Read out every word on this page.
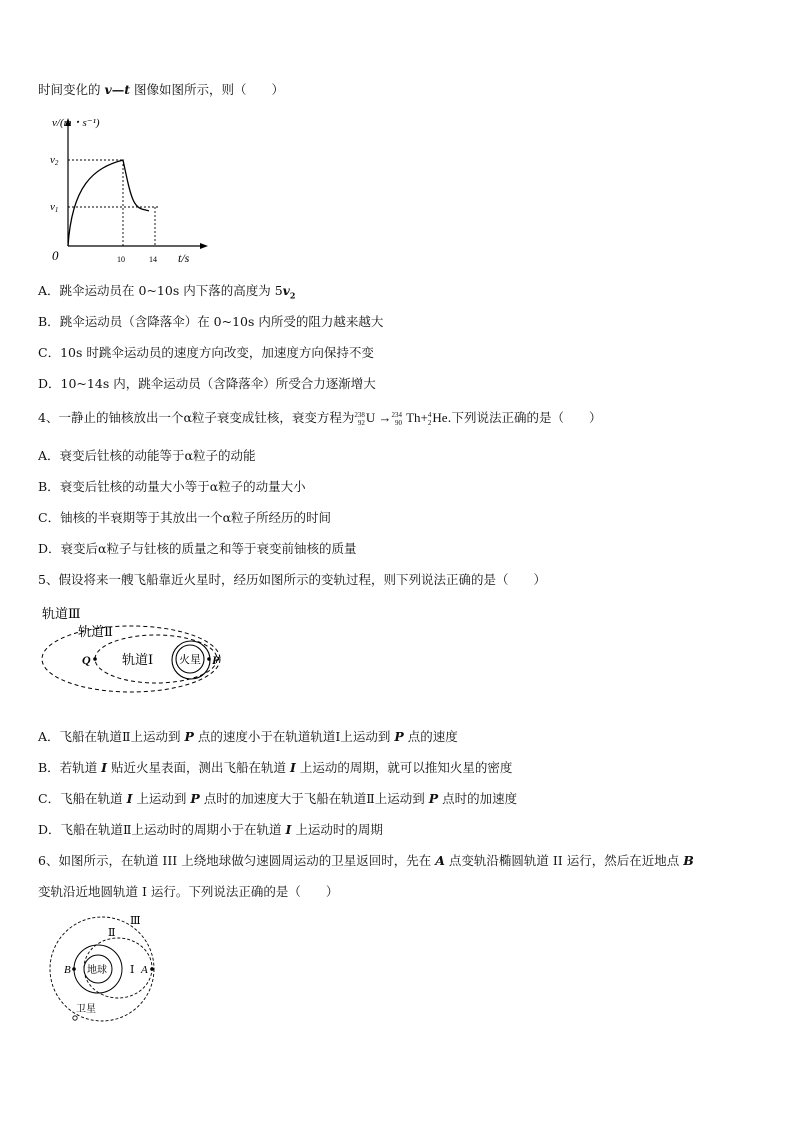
时间变化的 v—t 图像如图所示，则（　　）
v/(m・s⁻¹)
v2
v1
0	10	14 t/s
A．跳伞运动员在 0~10s 内下落的高度为 $5v_2$
B．跳伞运动员（含降落伞）在 0~10s 内所受的阻力越来越大
C．10s 时跳伞运动员的速度方向改变，加速度方向保持不变
D．10~14s 内，跳伞运动员（含降落伞）所受合力逐渐增大
4、一静止的铀核放出一个α粒子衰变成钍核，衰变方程为 238
92 U → 234
90 Th+ 4
2 He.下列说法正确的是（　　）
A．衰变后钍核的动能等于α粒子的动能
B．衰变后钍核的动量大小等于α粒子的动量大小
C．铀核的半衰期等于其放出一个α粒子所经历的时间
D．衰变后α粒子与钍核的质量之和等于衰变前铀核的质量
5、假设将来一艘飞船靠近火星时，经历如图所示的变轨过程，则下列说法正确的是（　　）
火星
Q	P
轨道Ⅲ
轨道Ⅱ
轨道Ⅰ
A．飞船在轨道Ⅱ上运动到 P 点的速度小于在轨道轨道Ⅰ上运动到 P 点的速度
B．若轨道 I 贴近火星表面，测出飞船在轨道 I 上运动的周期，就可以推知火星的密度
C．飞船在轨道 I 上运动到 P 点时的加速度大于飞船在轨道Ⅱ上运动到 P 点时的加速度
D．飞船在轨道Ⅱ上运动时的周期小于在轨道 I 上运动时的周期
6、如图所示，在轨道 III 上绕地球做匀速圆周运动的卫星返回时，先在 A 点变轨沿椭圆轨道 II 运行，然后在近地点 B
变轨沿近地圆轨道 I 运行。下列说法正确的是（　　）
地球
B	A
Ⅰ
Ⅱ
Ⅲ
卫星
